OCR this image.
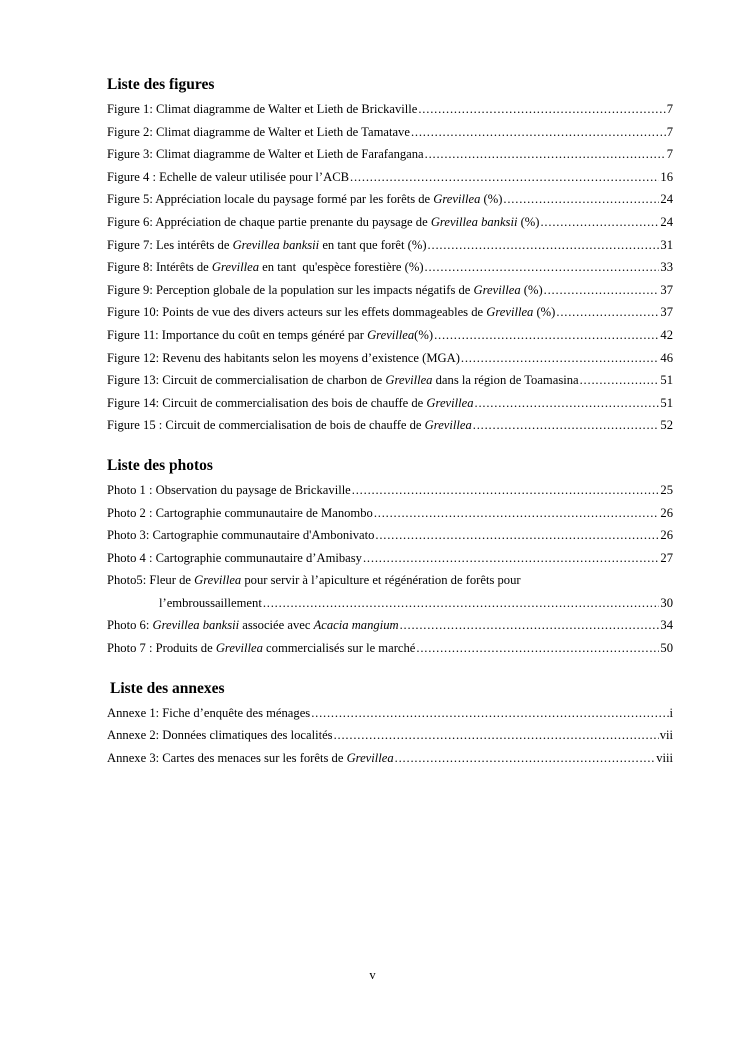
Liste des figures
Figure 1: Climat diagramme de Walter et Lieth de Brickaville .....	7
Figure 2: Climat diagramme de Walter et Lieth de Tamatave .....	7
Figure 3: Climat diagramme de Walter et Lieth de Farafangana .....	7
Figure 4 : Echelle de valeur utilisée pour l’ACB .....	16
Figure 5: Appréciation locale du paysage formé par les forêts de Grevillea (%) .....	24
Figure 6: Appréciation de chaque partie prenante du paysage de Grevillea banksii (%) .....	24
Figure 7: Les intérêts de Grevillea banksii en tant que forêt (%) .....	31
Figure 8: Intérêts de Grevillea en tant  qu'espèce forestière (%) .....	33
Figure 9: Perception globale de la population sur les impacts négatifs de Grevillea (%) .....	37
Figure 10: Points de vue des divers acteurs sur les effets dommageables de Grevillea (%) .....	37
Figure 11: Importance du coût en temps généré par Grevillea(%) .....	42
Figure 12: Revenu des habitants selon les moyens d’existence (MGA) .....	46
Figure 13: Circuit de commercialisation de charbon de Grevillea dans la région de Toamasina .....	51
Figure 14: Circuit de commercialisation des bois de chauffe de Grevillea .....	51
Figure 15 : Circuit de commercialisation de bois de chauffe de Grevillea .....	52
Liste des photos
Photo 1 : Observation du paysage de Brickaville .....	25
Photo 2 : Cartographie communautaire de Manombo .....	26
Photo 3: Cartographie communautaire d'Ambonivato .....	26
Photo 4 : Cartographie communautaire d’Amibasy .....	27
Photo5: Fleur de Grevillea pour servir à l’apiculture et régénération de forêts pour
l’embroussaillement .....	30
Photo 6: Grevillea banksii associée avec Acacia mangium .....	34
Photo 7 : Produits de Grevillea commercialisés sur le marché .....	50
Liste des annexes
Annexe 1: Fiche d’enquête des ménages .....	i
Annexe 2: Données climatiques des localités .....	vii
Annexe 3: Cartes des menaces sur les forêts de Grevillea .....	viii
v
